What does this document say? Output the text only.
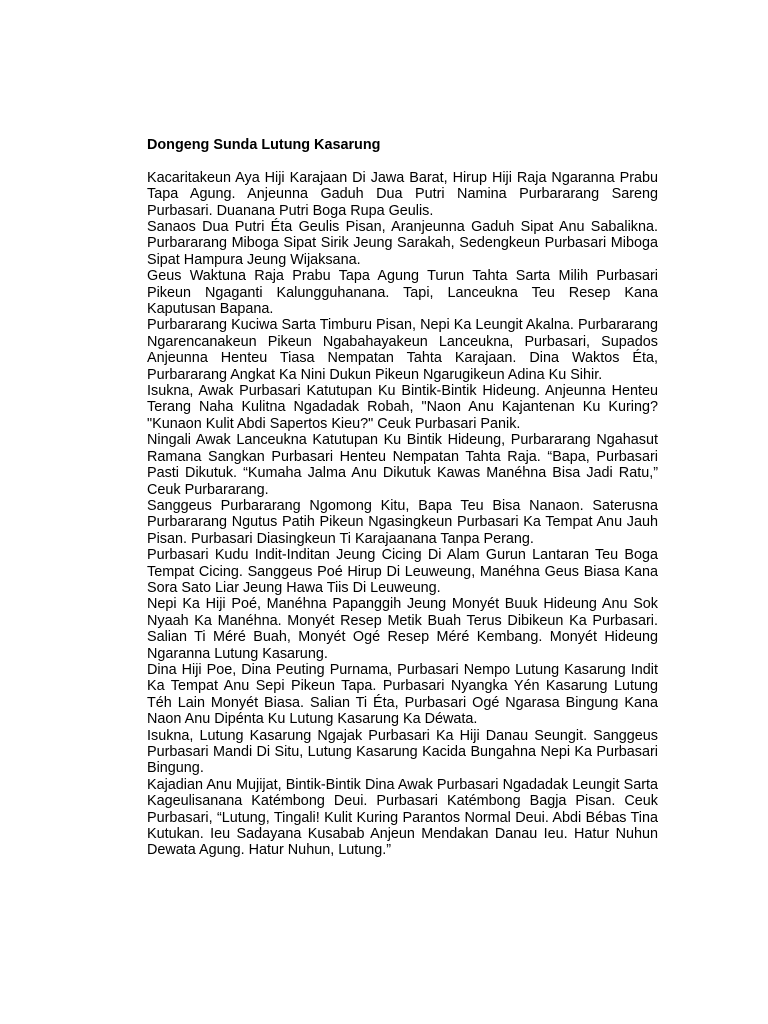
Dongeng Sunda Lutung Kasarung

Kacaritakeun Aya Hiji Karajaan Di Jawa Barat, Hirup Hiji Raja Ngaranna Prabu Tapa Agung. Anjeunna Gaduh Dua Putri Namina Purbararang Sareng Purbasari. Duanana Putri Boga Rupa Geulis.

Sanaos Dua Putri Éta Geulis Pisan, Aranjeunna Gaduh Sipat Anu Sabalikna. Purbararang Miboga Sipat Sirik Jeung Sarakah, Sedengkeun Purbasari Miboga Sipat Hampura Jeung Wijaksana.

Geus Waktuna Raja Prabu Tapa Agung Turun Tahta Sarta Milih Purbasari Pikeun Ngaganti Kalungguhanana. Tapi, Lanceukna Teu Resep Kana Kaputusan Bapana.

Purbararang Kuciwa Sarta Timburu Pisan, Nepi Ka Leungit Akalna. Purbararang Ngarencanakeun Pikeun Ngabahayakeun Lanceukna, Purbasari, Supados Anjeunna Henteu Tiasa Nempatan Tahta Karajaan. Dina Waktos Éta, Purbararang Angkat Ka Nini Dukun Pikeun Ngarugikeun Adina Ku Sihir.

Isukna, Awak Purbasari Katutupan Ku Bintik-Bintik Hideung. Anjeunna Henteu Terang Naha Kulitna Ngadadak Robah, "Naon Anu Kajantenan Ku Kuring? "Kunaon Kulit Abdi Sapertos Kieu?" Ceuk Purbasari Panik.

Ningali Awak Lanceukna Katutupan Ku Bintik Hideung, Purbararang Ngahasut Ramana Sangkan Purbasari Henteu Nempatan Tahta Raja. “Bapa, Purbasari Pasti Dikutuk. “Kumaha Jalma Anu Dikutuk Kawas Manéhna Bisa Jadi Ratu,” Ceuk Purbararang.

Sanggeus Purbararang Ngomong Kitu, Bapa Teu Bisa Nanaon. Saterusna Purbararang Ngutus Patih Pikeun Ngasingkeun Purbasari Ka Tempat Anu Jauh Pisan. Purbasari Diasingkeun Ti Karajaanana Tanpa Perang.

Purbasari Kudu Indit-Inditan Jeung Cicing Di Alam Gurun Lantaran Teu Boga Tempat Cicing. Sanggeus Poé Hirup Di Leuweung, Manéhna Geus Biasa Kana Sora Sato Liar Jeung Hawa Tiis Di Leuweung.

Nepi Ka Hiji Poé, Manéhna Papanggih Jeung Monyét Buuk Hideung Anu Sok Nyaah Ka Manéhna. Monyét Resep Metik Buah Terus Dibikeun Ka Purbasari. Salian Ti Méré Buah, Monyét Ogé Resep Méré Kembang. Monyét Hideung Ngaranna Lutung Kasarung.

Dina Hiji Poe, Dina Peuting Purnama, Purbasari Nempo Lutung Kasarung Indit Ka Tempat Anu Sepi Pikeun Tapa. Purbasari Nyangka Yén Kasarung Lutung Téh Lain Monyét Biasa. Salian Ti Éta, Purbasari Ogé Ngarasa Bingung Kana Naon Anu Dipénta Ku Lutung Kasarung Ka Déwata.

Isukna, Lutung Kasarung Ngajak Purbasari Ka Hiji Danau Seungit. Sanggeus Purbasari Mandi Di Situ, Lutung Kasarung Kacida Bungahna Nepi Ka Purbasari Bingung.

Kajadian Anu Mujijat, Bintik-Bintik Dina Awak Purbasari Ngadadak Leungit Sarta Kageulisanana Katémbong Deui. Purbasari Katémbong Bagja Pisan. Ceuk Purbasari, “Lutung, Tingali! Kulit Kuring Parantos Normal Deui. Abdi Bébas Tina Kutukan. Ieu Sadayana Kusabab Anjeun Mendakan Danau Ieu. Hatur Nuhun Dewata Agung. Hatur Nuhun, Lutung.”
